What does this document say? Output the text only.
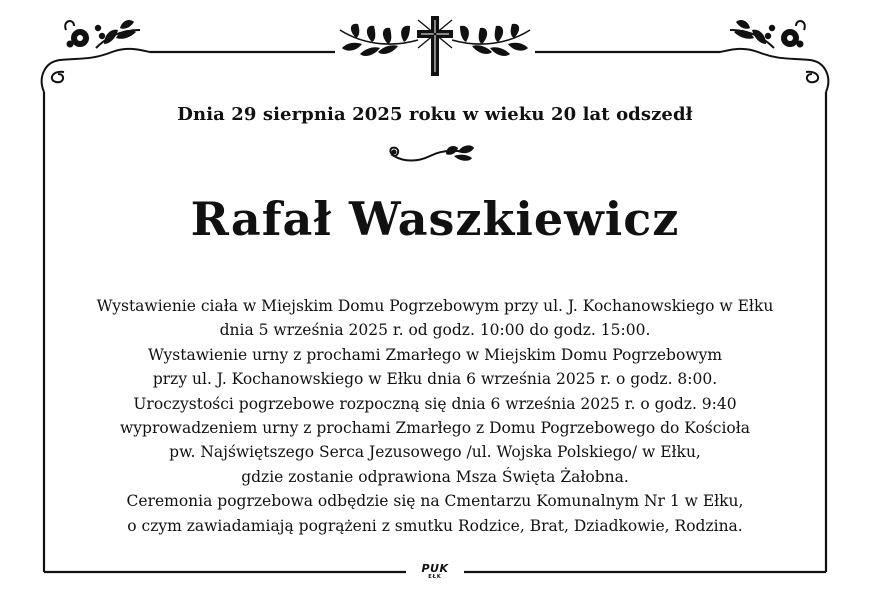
Dnia 29 sierpnia 2025 roku w wieku 20 lat odszedł
Rafał Waszkiewicz
Wystawienie ciała w Miejskim Domu Pogrzebowym przy ul. J. Kochanowskiego w Ełku
dnia 5 września 2025 r. od godz. 10:00 do godz. 15:00.
Wystawienie urny z prochami Zmarłego w Miejskim Domu Pogrzebowym
przy ul. J. Kochanowskiego w Ełku dnia 6 września 2025 r. o godz. 8:00.
Uroczystości pogrzebowe rozpoczną się dnia 6 września 2025 r. o godz. 9:40
wyprowadzeniem urny z prochami Zmarłego z Domu Pogrzebowego do Kościoła
pw. Najświętszego Serca Jezusowego /ul. Wojska Polskiego/ w Ełku,
gdzie zostanie odprawiona Msza Święta Żałobna.
Ceremonia pogrzebowa odbędzie się na Cmentarzu Komunalnym Nr 1 w Ełku,
o czym zawiadamiają pogrążeni z smutku Rodzice, Brat, Dziadkowie, Rodzina.
PUK
EŁK
